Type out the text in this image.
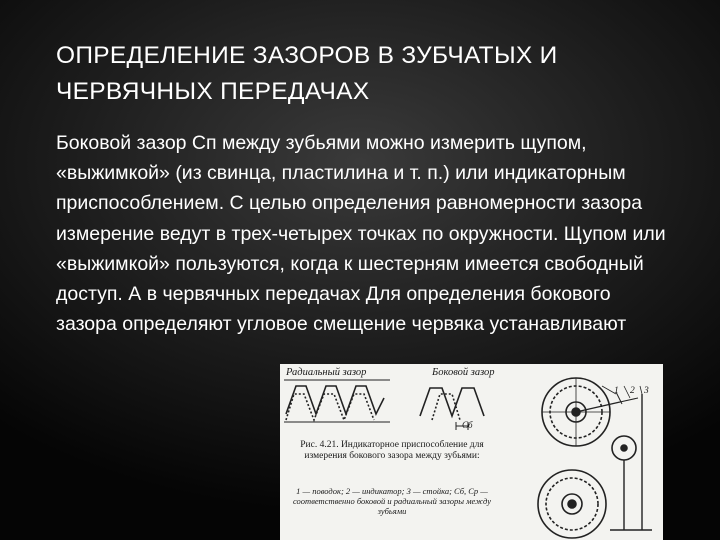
ОПРЕДЕЛЕНИЕ ЗАЗОРОВ В ЗУБЧАТЫХ И ЧЕРВЯЧНЫХ ПЕРЕДАЧАХ

Боковой зазор Сп между зубьями можно измерить щупом, «выжимкой» (из свинца, пластилина и т. п.) или индикаторным приспособлением. С целью определения равномерности зазора измерение ведут в трех-четырех точках по окружности. Щупом или «выжимкой» пользуются, когда к шестерням имеется свободный доступ. А в червячных передачах Для определения бокового зазора определяют угловое смещение червяка устанавливают

Радиальный зазор	Боковой зазор
Cб
Рис. 4.21. Индикаторное приспособление для измерения бокового зазора между зубьями:
1 — поводок; 2 — индикатор; 3 — стойка; Cб, Cр — соответственно боковой и радиальный зазоры между зубьями
1 2 3
